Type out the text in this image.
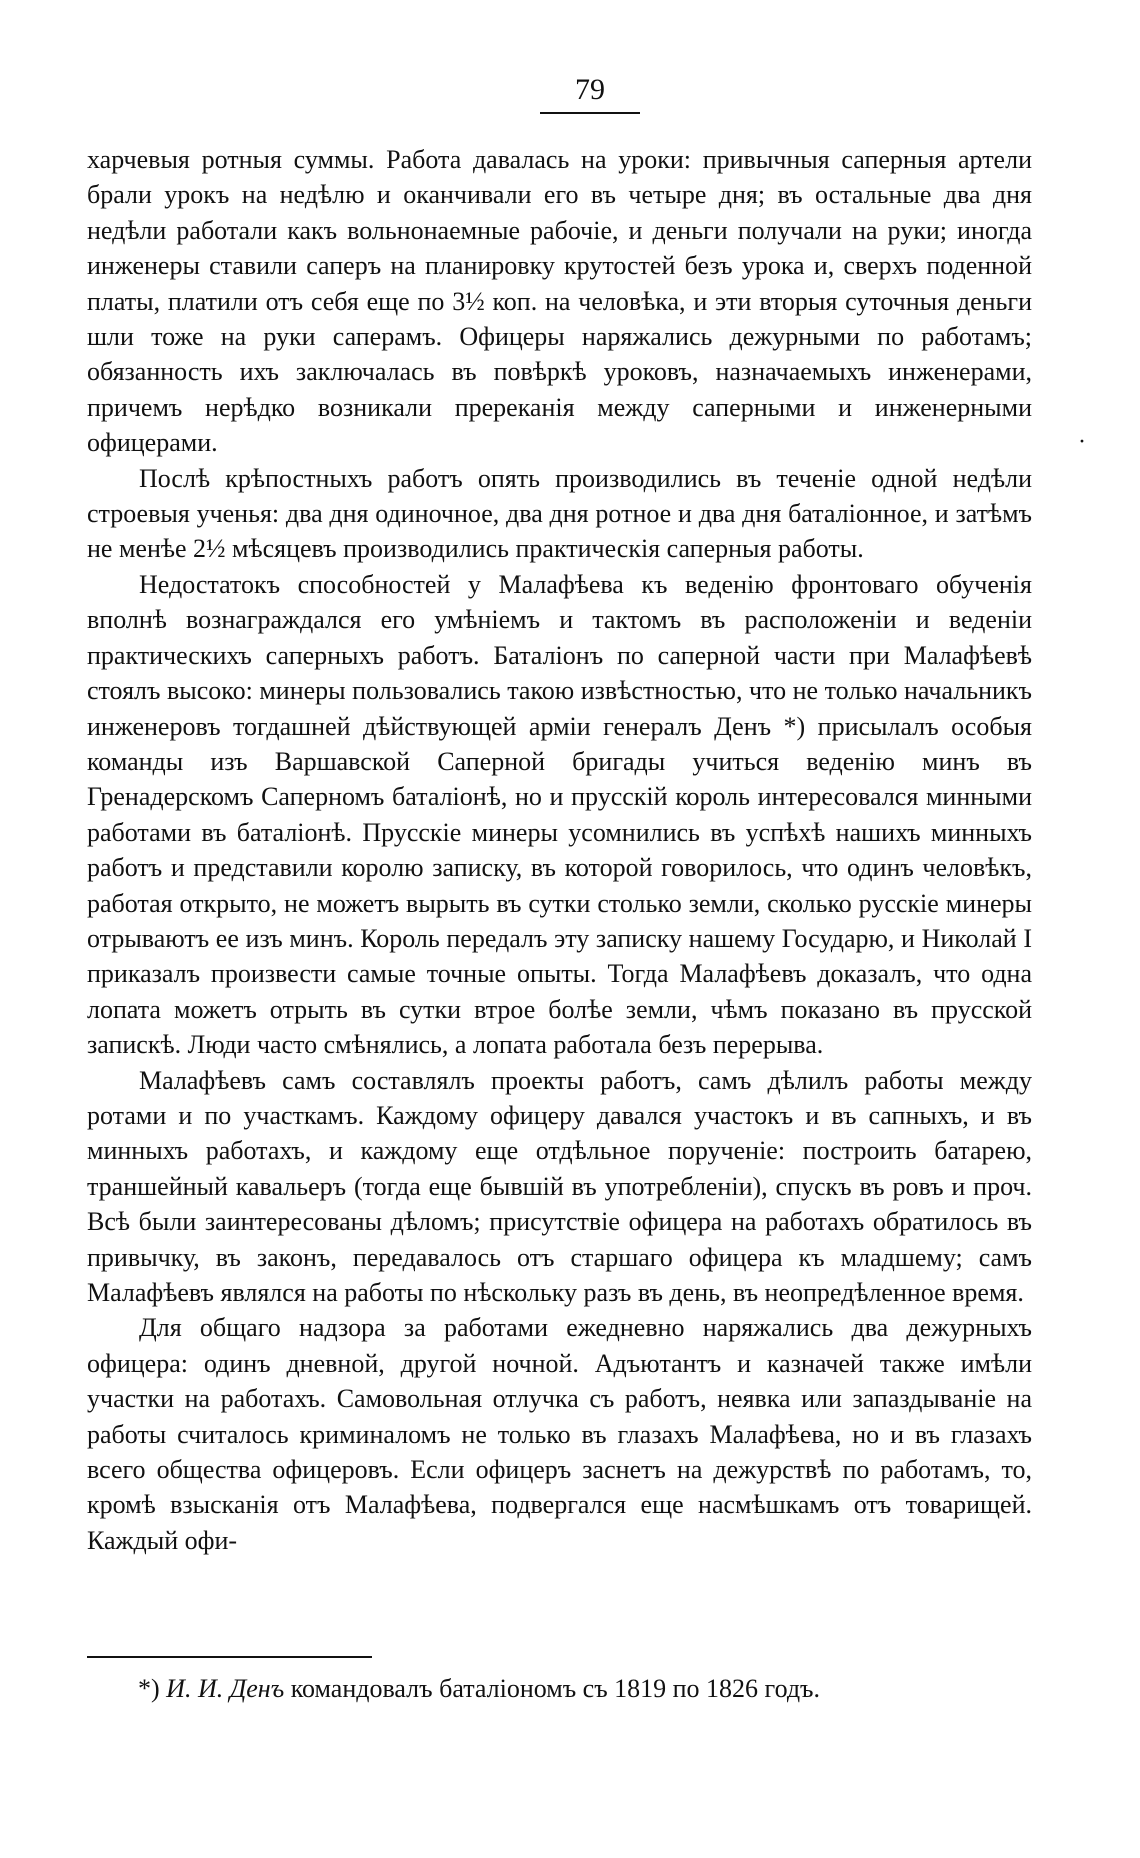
79

харчевыя ротныя суммы. Работа давалась на уроки: привычныя саперныя артели брали урокъ на недѣлю и оканчивали его въ четыре дня; въ остальные два дня недѣли работали какъ вольнонаемные рабочіе, и деньги получали на руки; иногда инженеры ставили саперъ на планировку крутостей безъ урока и, сверхъ поденной платы, платили отъ себя еще по 3½ коп. на человѣка, и эти вторыя суточныя деньги шли тоже на руки саперамъ. Офицеры наряжались дежурными по работамъ; обязанность ихъ заключалась въ повѣркѣ уроковъ, назначаемыхъ инженерами, причемъ нерѣдко возникали пререканія между саперными и инженерными офицерами.

Послѣ крѣпостныхъ работъ опять производились въ теченіе одной недѣли строевыя ученья: два дня одиночное, два дня ротное и два дня баталіонное, и затѣмъ не менѣе 2½ мѣсяцевъ производились практическія саперныя работы.

Недостатокъ способностей у Малафѣева къ веденію фронтоваго обученія вполнѣ вознаграждался его умѣніемъ и тактомъ въ расположеніи и веденіи практическихъ саперныхъ работъ. Баталіонъ по саперной части при Малафѣевѣ стоялъ высоко: минеры пользовались такою извѣстностью, что не только начальникъ инженеровъ тогдашней дѣйствующей арміи генералъ Денъ *) присылалъ особыя команды изъ Варшавской Саперной бригады учиться веденію минъ въ Гренадерскомъ Саперномъ баталіонѣ, но и прусскій король интересовался минными работами въ баталіонѣ. Прусскіе минеры усомнились въ успѣхѣ нашихъ минныхъ работъ и представили королю записку, въ которой говорилось, что одинъ человѣкъ, работая открыто, не можетъ вырыть въ сутки столько земли, сколько русскіе минеры отрываютъ ее изъ минъ. Король передалъ эту записку нашему Государю, и Николай I приказалъ произвести самые точные опыты. Тогда Малафѣевъ доказалъ, что одна лопата можетъ отрыть въ сутки втрое болѣе земли, чѣмъ показано въ прусской запискѣ. Люди часто смѣнялись, а лопата работала безъ перерыва.

Малафѣевъ самъ составлялъ проекты работъ, самъ дѣлилъ работы между ротами и по участкамъ. Каждому офицеру давался участокъ и въ сапныхъ, и въ минныхъ работахъ, и каждому еще отдѣльное порученіе: построить батарею, траншейный кавальеръ (тогда еще бывшій въ употребленіи), спускъ въ ровъ и проч. Всѣ были заинтересованы дѣломъ; присутствіе офицера на работахъ обратилось въ привычку, въ законъ, передавалось отъ старшаго офицера къ младшему; самъ Малафѣевъ являлся на работы по нѣскольку разъ въ день, въ неопредѣленное время.

Для общаго надзора за работами ежедневно наряжались два дежурныхъ офицера: одинъ дневной, другой ночной. Адъютантъ и казначей также имѣли участки на работахъ. Самовольная отлучка съ работъ, неявка или запаздываніе на работы считалось криминаломъ не только въ глазахъ Малафѣева, но и въ глазахъ всего общества офицеровъ. Если офицеръ заснетъ на дежурствѣ по работамъ, то, кромѣ взысканія отъ Малафѣева, подвергался еще насмѣшкамъ отъ товарищей. Каждый офи-

·
*) И. И. Денъ командовалъ баталіономъ съ 1819 по 1826 годъ.
